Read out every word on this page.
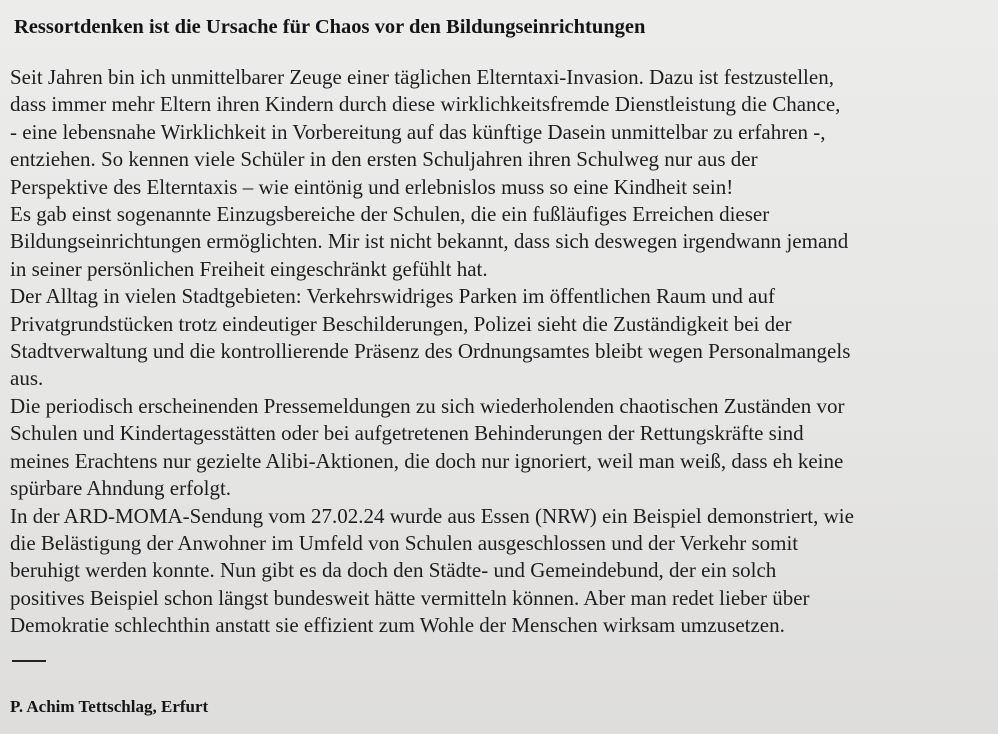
Ressortdenken ist die Ursache für Chaos vor den Bildungseinrichtungen
Seit Jahren bin ich unmittelbarer Zeuge einer täglichen Elterntaxi-Invasion. Dazu ist festzustellen,
dass immer mehr Eltern ihren Kindern durch diese wirklichkeitsfremde Dienstleistung die Chance,
- eine lebensnahe Wirklichkeit in Vorbereitung auf das künftige Dasein unmittelbar zu erfahren -,
entziehen. So kennen viele Schüler in den ersten Schuljahren ihren Schulweg nur aus der
Perspektive des Elterntaxis – wie eintönig und erlebnislos muss so eine Kindheit sein!
Es gab einst sogenannte Einzugsbereiche der Schulen, die ein fußläufiges Erreichen dieser
Bildungseinrichtungen ermöglichten. Mir ist nicht bekannt, dass sich deswegen irgendwann jemand
in seiner persönlichen Freiheit eingeschränkt gefühlt hat.
Der Alltag in vielen Stadtgebieten: Verkehrswidriges Parken im öffentlichen Raum und auf
Privatgrundstücken trotz eindeutiger Beschilderungen, Polizei sieht die Zuständigkeit bei der
Stadtverwaltung und die kontrollierende Präsenz des Ordnungsamtes bleibt wegen Personalmangels
aus.
Die periodisch erscheinenden Pressemeldungen zu sich wiederholenden chaotischen Zuständen vor
Schulen und Kindertagesstätten oder bei aufgetretenen Behinderungen der Rettungskräfte sind
meines Erachtens nur gezielte Alibi-Aktionen, die doch nur ignoriert, weil man weiß, dass eh keine
spürbare Ahndung erfolgt.
In der ARD-MOMA-Sendung vom 27.02.24 wurde aus Essen (NRW) ein Beispiel demonstriert, wie
die Belästigung der Anwohner im Umfeld von Schulen ausgeschlossen und der Verkehr somit
beruhigt werden konnte. Nun gibt es da doch den Städte- und Gemeindebund, der ein solch
positives Beispiel schon längst bundesweit hätte vermitteln können. Aber man redet lieber über
Demokratie schlechthin anstatt sie effizient zum Wohle der Menschen wirksam umzusetzen.
P. Achim Tettschlag, Erfurt
